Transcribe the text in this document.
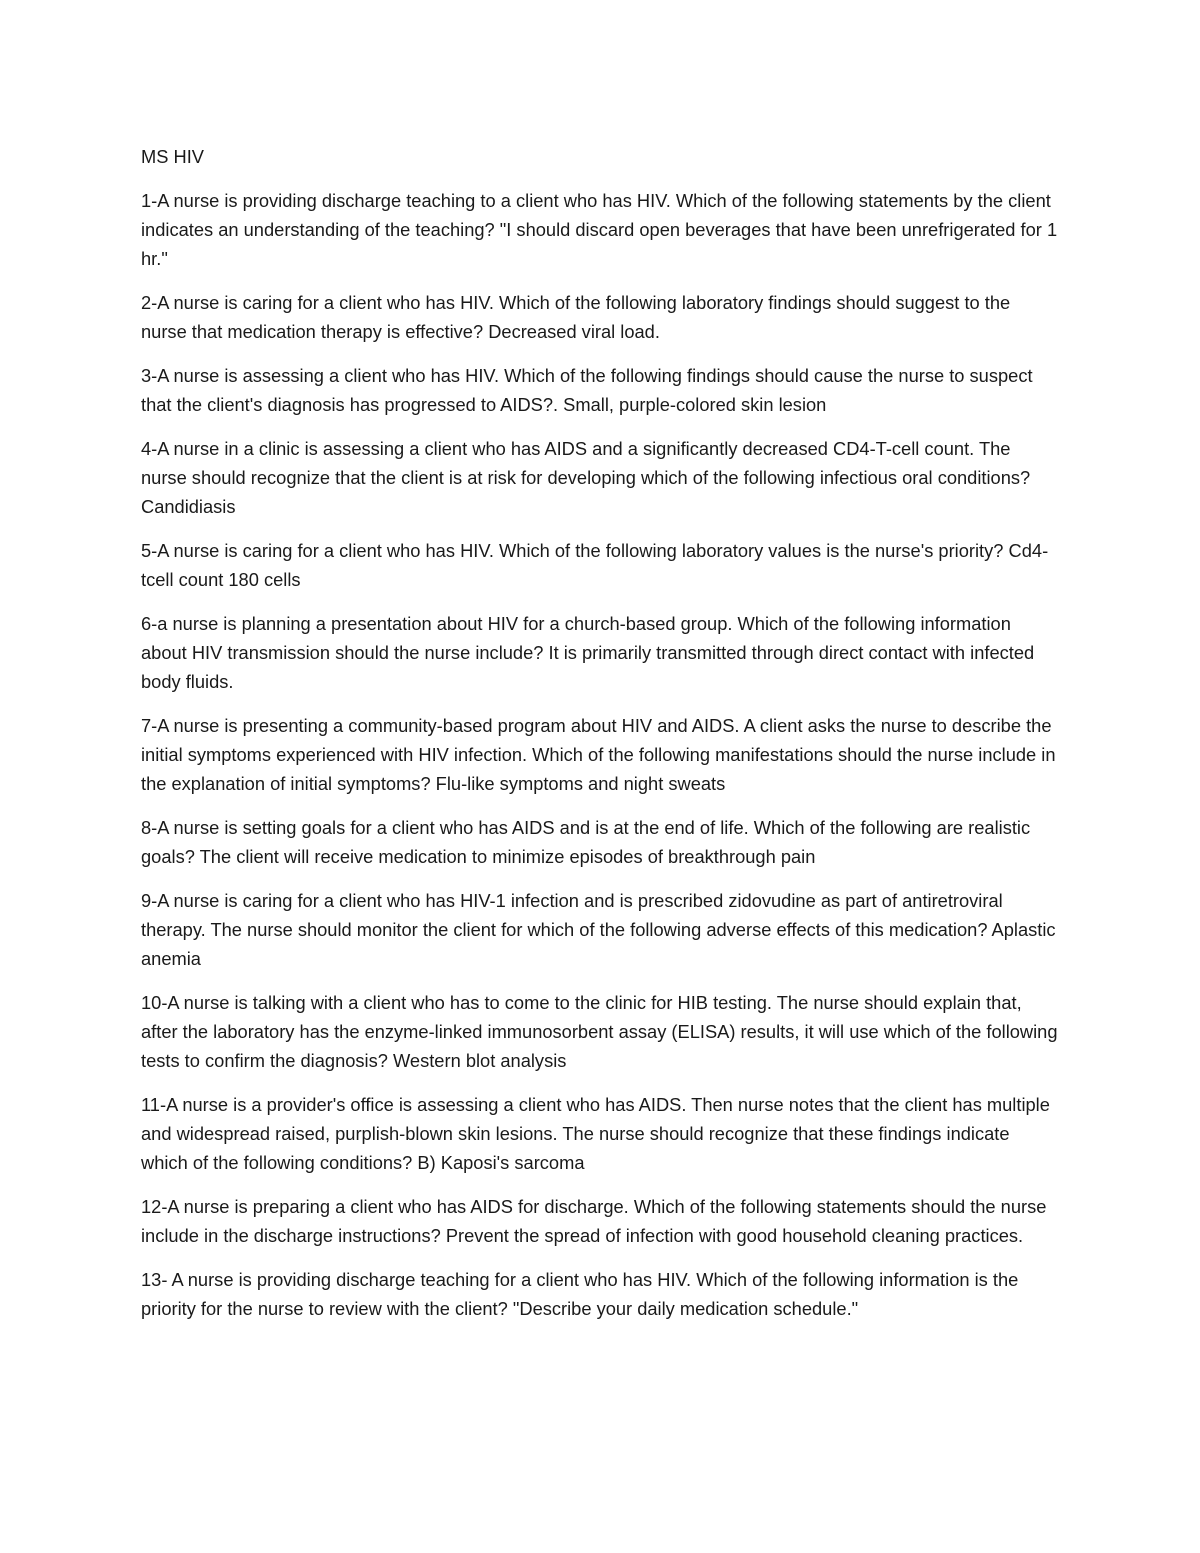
MS HIV

1-A nurse is providing discharge teaching to a client who has HIV. Which of the following statements by the client indicates an understanding of the teaching? "I should discard open beverages that have been unrefrigerated for 1 hr."

2-A nurse is caring for a client who has HIV. Which of the following laboratory findings should suggest to the nurse that medication therapy is effective? Decreased viral load.

3-A nurse is assessing a client who has HIV. Which of the following findings should cause the nurse to suspect that the client's diagnosis has progressed to AIDS?. Small, purple-colored skin lesion

4-A nurse in a clinic is assessing a client who has AIDS and a significantly decreased CD4-T-cell count. The nurse should recognize that the client is at risk for developing which of the following infectious oral conditions? Candidiasis

5-A nurse is caring for a client who has HIV. Which of the following laboratory values is the nurse's priority? Cd4-tcell count 180 cells

6-a nurse is planning a presentation about HIV for a church-based group. Which of the following information about HIV transmission should the nurse include? It is primarily transmitted through direct contact with infected body fluids.

7-A nurse is presenting a community-based program about HIV and AIDS. A client asks the nurse to describe the initial symptoms experienced with HIV infection. Which of the following manifestations should the nurse include in the explanation of initial symptoms? Flu-like symptoms and night sweats

8-A nurse is setting goals for a client who has AIDS and is at the end of life. Which of the following are realistic goals? The client will receive medication to minimize episodes of breakthrough pain

9-A nurse is caring for a client who has HIV-1 infection and is prescribed zidovudine as part of antiretroviral therapy. The nurse should monitor the client for which of the following adverse effects of this medication? Aplastic anemia

10-A nurse is talking with a client who has to come to the clinic for HIB testing. The nurse should explain that, after the laboratory has the enzyme-linked immunosorbent assay (ELISA) results, it will use which of the following tests to confirm the diagnosis? Western blot analysis

11-A nurse is a provider's office is assessing a client who has AIDS. Then nurse notes that the client has multiple and widespread raised, purplish-blown skin lesions. The nurse should recognize that these findings indicate which of the following conditions? B) Kaposi's sarcoma

12-A nurse is preparing a client who has AIDS for discharge. Which of the following statements should the nurse include in the discharge instructions? Prevent the spread of infection with good household cleaning practices.

13- A nurse is providing discharge teaching for a client who has HIV. Which of the following information is the priority for the nurse to review with the client? "Describe your daily medication schedule."
